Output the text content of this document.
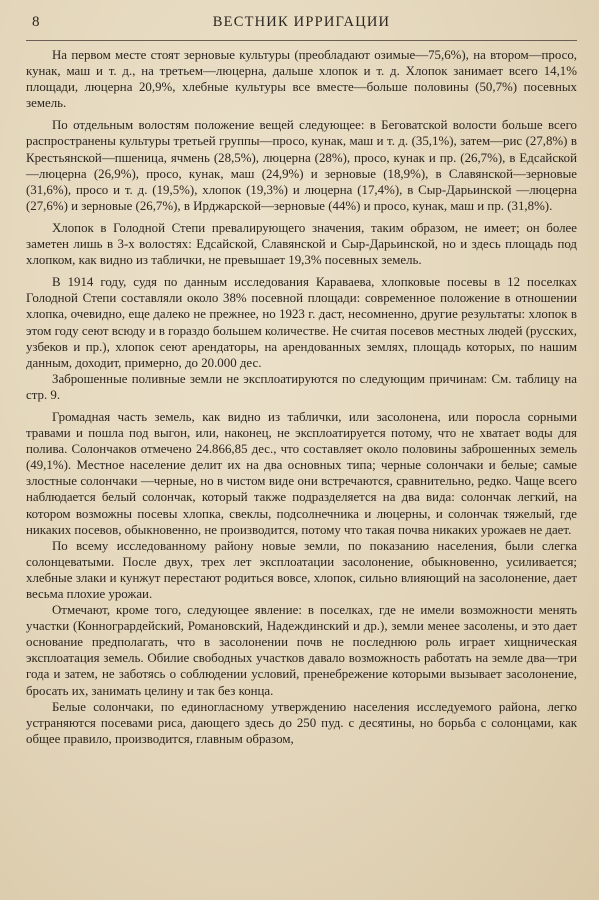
8	ВЕСТНИК ИРРИГАЦИИ

На первом месте стоят зерновые культуры (преобладают озимые—75,6%), на втором—просо, кунак, маш и т. д., на третьем—люцерна, дальше хлопок и т. д. Хлопок занимает всего 14,1% площади, люцерна 20,9%, хлебные культуры все вместе—больше половины (50,7%) посевных земель.

По отдельным волостям положение вещей следующее: в Беговатской волости больше всего распространены культуры третьей группы—просо, кунак, маш и т. д. (35,1%), затем—рис (27,8%) в Крестьянской—пшеница, ячмень (28,5%), люцерна (28%), просо, кунак и пр. (26,7%), в Едсайской—люцерна (26,9%), просо, кунак, маш (24,9%) и зерновые (18,9%), в Славянской—зерновые (31,6%), просо и т. д. (19,5%), хлопок (19,3%) и люцерна (17,4%), в Сыр-Дарьинской —люцерна (27,6%) и зерновые (26,7%), в Ирджарской—зерновые (44%) и просо, кунак, маш и пр. (31,8%).

Хлопок в Голодной Степи превалирующего значения, таким образом, не имеет; он более заметен лишь в 3-х волостях: Едсайской, Славянской и Сыр-Дарьинской, но и здесь площадь под хлопком, как видно из таблички, не превышает 19,3% посевных земель.

В 1914 году, судя по данным исследования Караваева, хлопковые посевы в 12 поселках Голодной Степи составляли около 38% посевной площади: современное положение в отношении хлопка, очевидно, еще далеко не прежнее, но 1923 г. даст, несомненно, другие результаты: хлопок в этом году сеют всюду и в гораздо большем количестве. Не считая посевов местных людей (русских, узбеков и пр.), хлопок сеют арендаторы, на арендованных землях, площадь которых, по нашим данным, доходит, примерно, до 20.000 дес.

Заброшенные поливные земли не эксплоатируются по следующим причинам: См. таблицу на стр. 9.

Громадная часть земель, как видно из таблички, или засолонена, или поросла сорными травами и пошла под выгон, или, наконец, не эксплоатируется потому, что не хватает воды для полива. Солончаков отмечено 24.866,85 дес., что составляет около половины заброшенных земель (49,1%). Местное население делит их на два основных типа; черные солончаки и белые; самые злостные солончаки —черные, но в чистом виде они встречаются, сравнительно, редко. Чаще всего наблюдается белый солончак, который также подразделяется на два вида: солончак легкий, на котором возможны посевы хлопка, свеклы, подсолнечника и люцерны, и солончак тяжелый, где никаких посевов, обыкновенно, не производится, потому что такая почва никаких урожаев не дает.

По всему исследованному району новые земли, по показанию населения, были слегка солонцеватыми. После двух, трех лет эксплоатации засолонение, обыкновенно, усиливается; хлебные злаки и кунжут перестают родиться вовсе, хлопок, сильно влияющий на засолонение, дает весьма плохие урожаи.

Отмечают, кроме того, следующее явление: в поселках, где не имели возможности менять участки (Конногрардейский, Романовский, Надеждинский и др.), земли менее засолены, и это дает основание предполагать, что в засолонении почв не последнюю роль играет хищническая эксплоатация земель. Обилие свободных участков давало возможность работать на земле два—три года и затем, не заботясь о соблюдении условий, пренебрежение которыми вызывает засолонение, бросать их, занимать целину и так без конца.

Белые солончаки, по единогласному утверждению населения исследуемого района, легко устраняются посевами риса, дающего здесь до 250 пуд. с десятины, но борьба с солонцами, как общее правило, производится, главным образом,
